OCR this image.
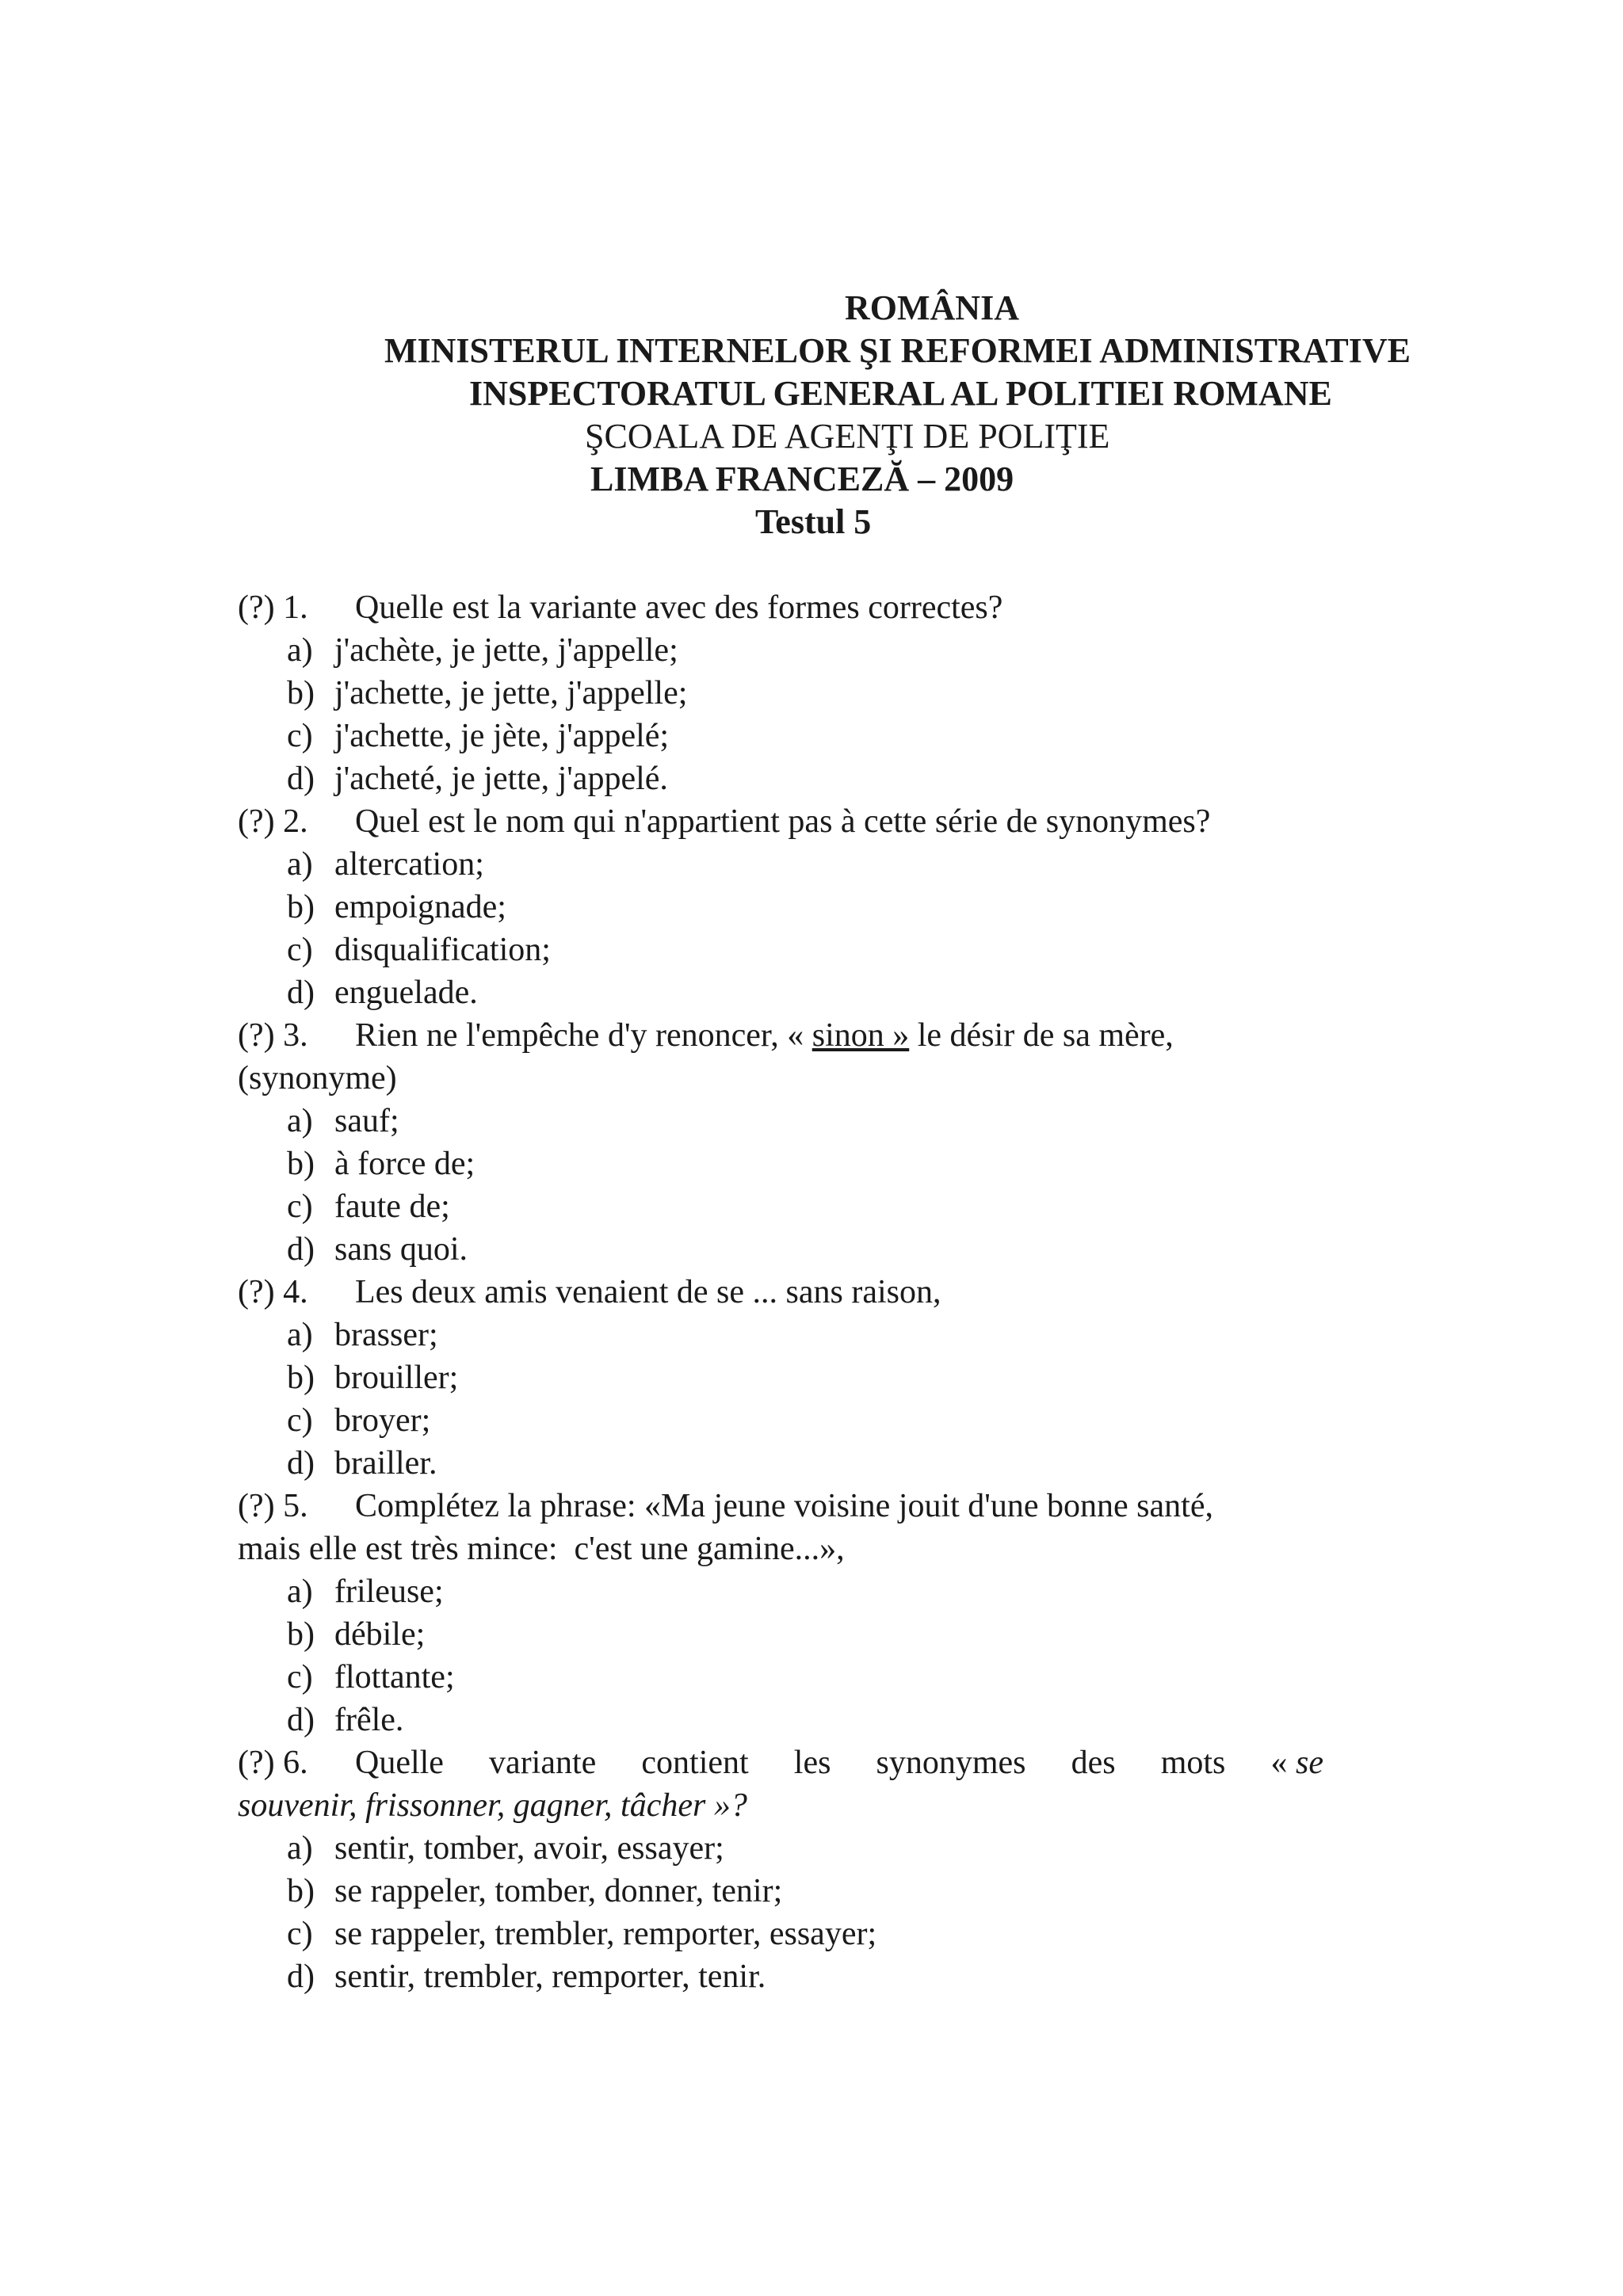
ROMÂNIA
MINISTERUL INTERNELOR ŞI REFORMEI ADMINISTRATIVE
INSPECTORATUL GENERAL AL POLITIEI ROMANE
ŞCOALA DE AGENŢI DE POLIŢIE
LIMBA FRANCEZĂ – 2009
Testul 5
(?) 1. Quelle est la variante avec des formes correctes?
a) j'achète, je jette, j'appelle;
b) j'achette, je jette, j'appelle;
c) j'achette, je jète, j'appelé;
d) j'acheté, je jette, j'appelé.
(?) 2. Quel est le nom qui n'appartient pas à cette série de synonymes?
a) altercation;
b) empoignade;
c) disqualification;
d) enguelade.
(?) 3. Rien ne l'empêche d'y renoncer, « sinon » le désir de sa mère,
(synonyme)
a) sauf;
b) à force de;
c) faute de;
d) sans quoi.
(?) 4. Les deux amis venaient de se ... sans raison,
a) brasser;
b) brouiller;
c) broyer;
d) brailler.
(?) 5. Complétez la phrase: «Ma jeune voisine jouit d'une bonne santé,
mais elle est très mince:  c'est une gamine...»,
a) frileuse;
b) débile;
c) flottante;
d) frêle.
(?) 6.	Quelle variante contient les synonymes des mots « se
souvenir, frissonner, gagner, tâcher »?
a) sentir, tomber, avoir, essayer;
b) se rappeler, tomber, donner, tenir;
c) se rappeler, trembler, remporter, essayer;
d) sentir, trembler, remporter, tenir.
